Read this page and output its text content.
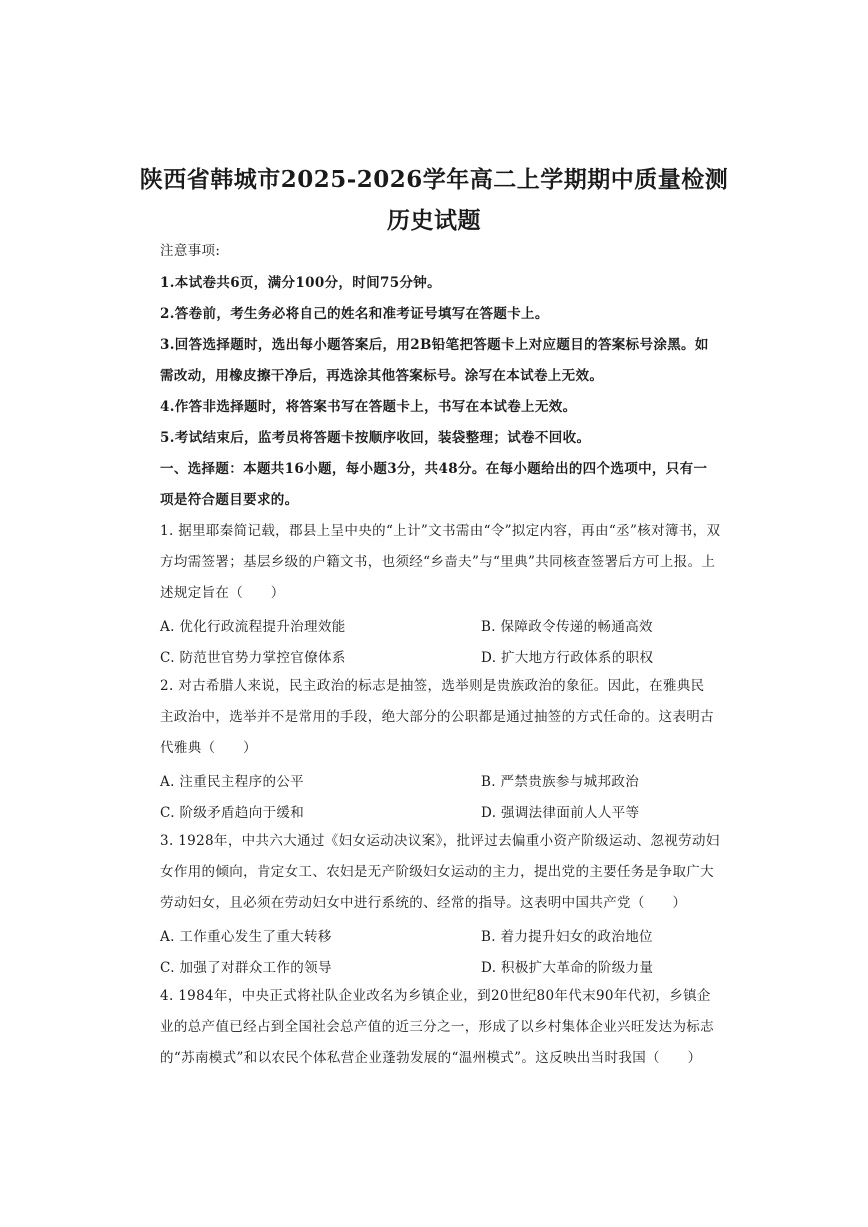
陕西省韩城市2025-2026学年高二上学期期中质量检测
历史试题
注意事项:
1.本试卷共6页，满分100分，时间75分钟。
2.答卷前，考生务必将自己的姓名和准考证号填写在答题卡上。
3.回答选择题时，选出每小题答案后，用2B铅笔把答题卡上对应题目的答案标号涂黑。如
需改动，用橡皮擦干净后，再选涂其他答案标号。涂写在本试卷上无效。
4.作答非选择题时，将答案书写在答题卡上，书写在本试卷上无效。
5.考试结束后，监考员将答题卡按顺序收回，装袋整理；试卷不回收。
一、选择题：本题共16小题，每小题3分，共48分。在每小题给出的四个选项中，只有一
项是符合题目要求的。
1. 据里耶秦简记载，郡县上呈中央的“上计”文书需由“令”拟定内容，再由“丞”核对簿书，双
方均需签署；基层乡级的户籍文书，也须经“乡啬夫”与“里典”共同核查签署后方可上报。上
述规定旨在（　　）
A. 优化行政流程提升治理效能	B. 保障政令传递的畅通高效
C. 防范世官势力掌控官僚体系	D. 扩大地方行政体系的职权
2. 对古希腊人来说，民主政治的标志是抽签，选举则是贵族政治的象征。因此，在雅典民
主政治中，选举并不是常用的手段，绝大部分的公职都是通过抽签的方式任命的。这表明古
代雅典（　　）
A. 注重民主程序的公平	B. 严禁贵族参与城邦政治
C. 阶级矛盾趋向于缓和	D. 强调法律面前人人平等
3. 1928年，中共六大通过《妇女运动决议案》，批评过去偏重小资产阶级运动、忽视劳动妇
女作用的倾向，肯定女工、农妇是无产阶级妇女运动的主力，提出党的主要任务是争取广大
劳动妇女，且必须在劳动妇女中进行系统的、经常的指导。这表明中国共产党（　　）
A. 工作重心发生了重大转移	B. 着力提升妇女的政治地位
C. 加强了对群众工作的领导	D. 积极扩大革命的阶级力量
4. 1984年，中央正式将社队企业改名为乡镇企业，到20世纪80年代末90年代初，乡镇企
业的总产值已经占到全国社会总产值的近三分之一，形成了以乡村集体企业兴旺发达为标志
的“苏南模式”和以农民个体私营企业蓬勃发展的“温州模式”。这反映出当时我国（　　）
